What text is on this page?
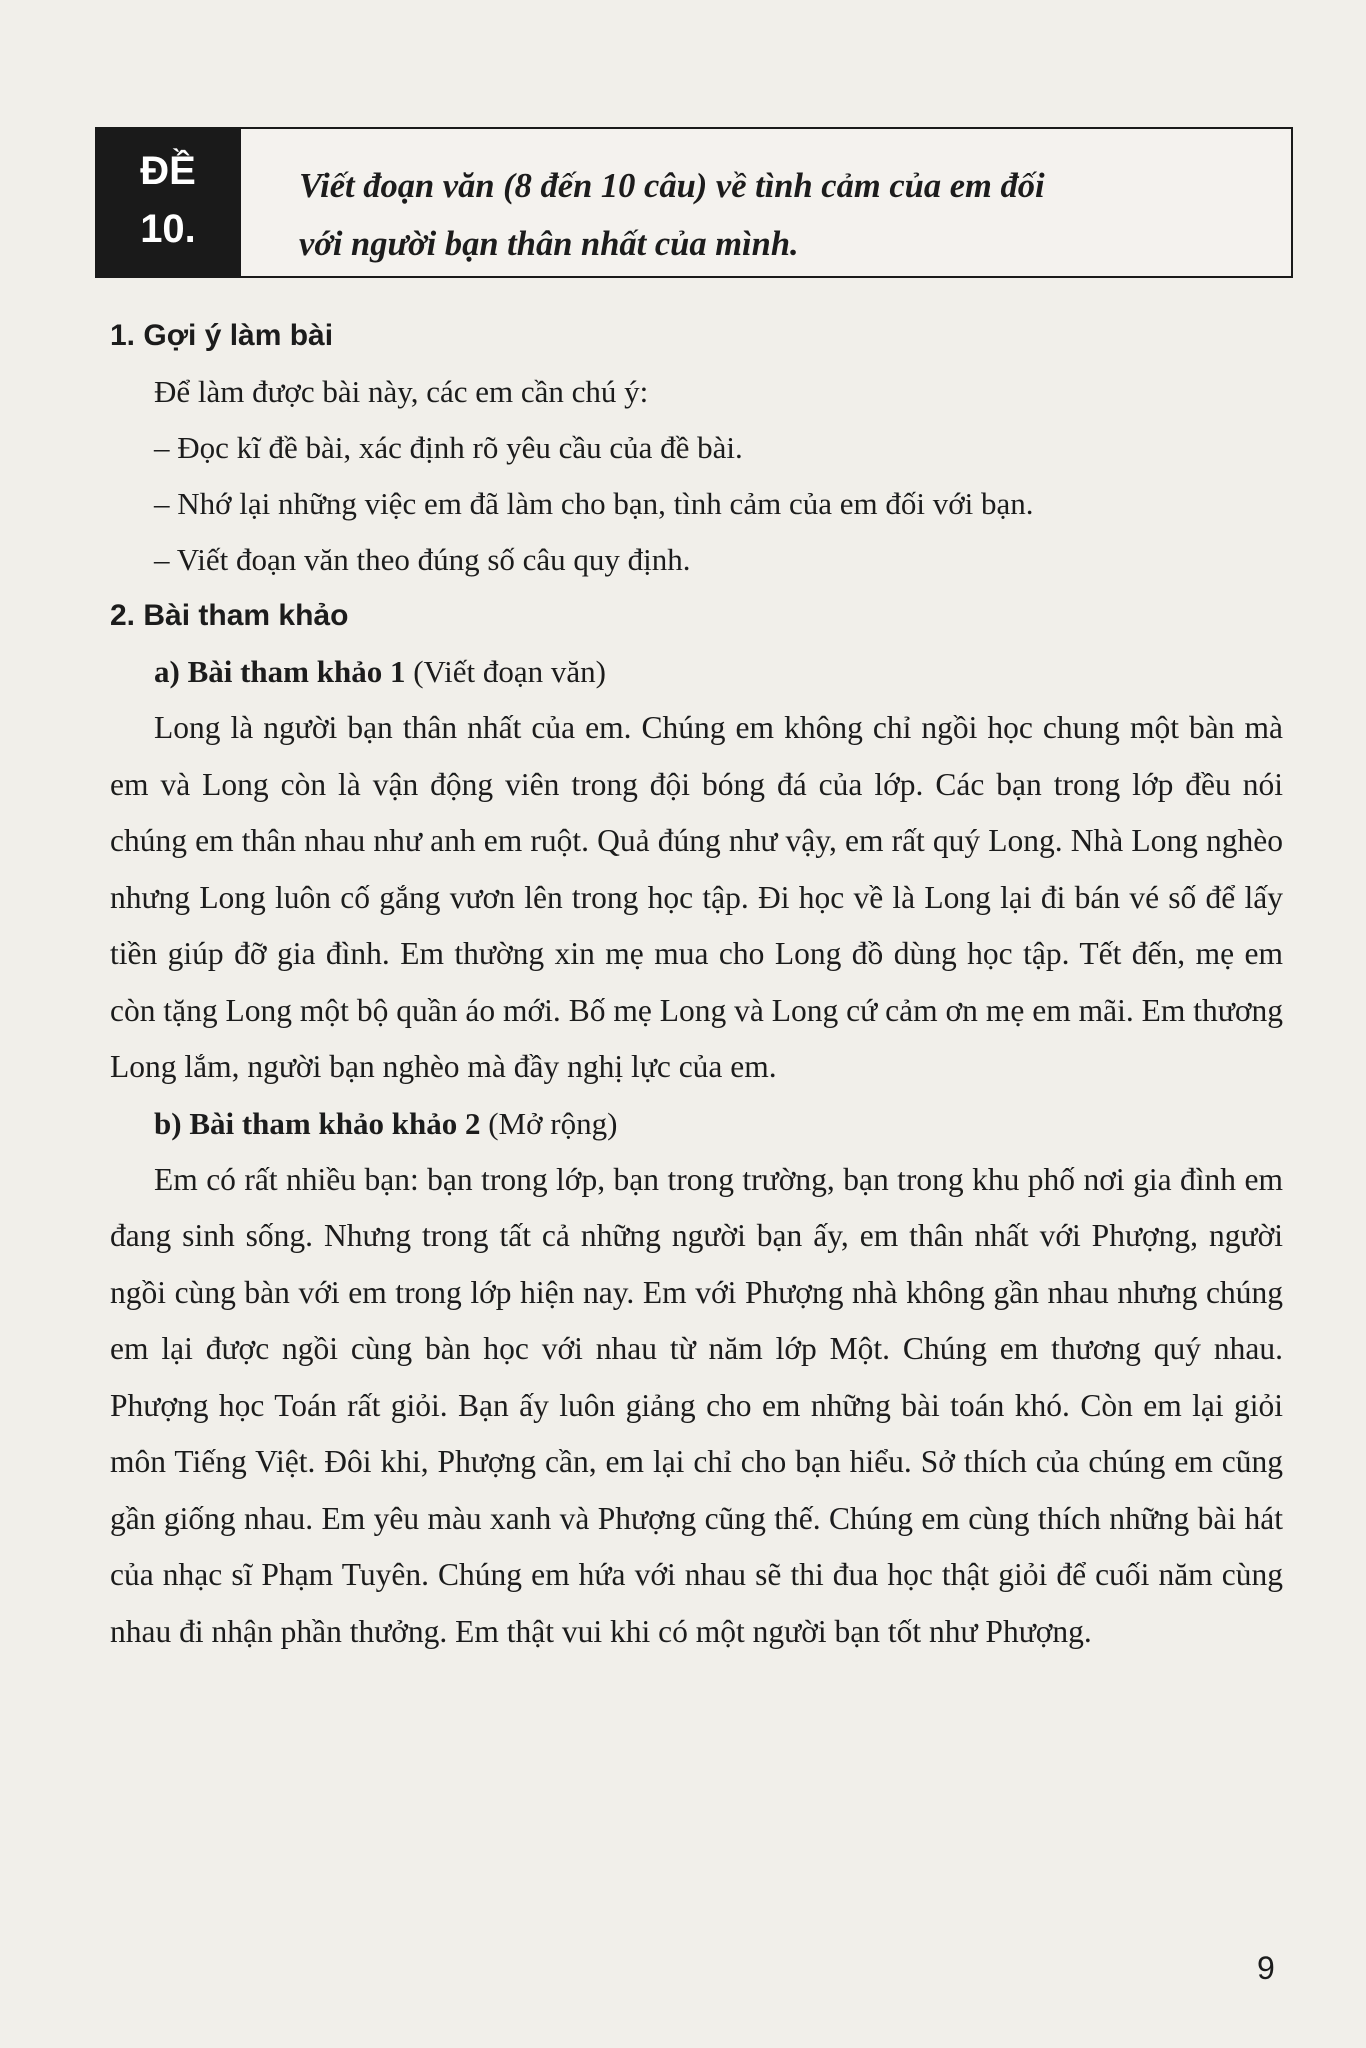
ĐỀ
10.
Viết đoạn văn (8 đến 10 câu) về tình cảm của em đối
với người bạn thân nhất của mình.
1. Gợi ý làm bài
Để làm được bài này, các em cần chú ý:
– Đọc kĩ đề bài, xác định rõ yêu cầu của đề bài.
– Nhớ lại những việc em đã làm cho bạn, tình cảm của em đối với bạn.
– Viết đoạn văn theo đúng số câu quy định.
2. Bài tham khảo
a) Bài tham khảo 1 (Viết đoạn văn)

Long là người bạn thân nhất của em. Chúng em không chỉ ngồi học chung một bàn mà em và Long còn là vận động viên trong đội bóng đá của lớp. Các bạn trong lớp đều nói chúng em thân nhau như anh em ruột. Quả đúng như vậy, em rất quý Long. Nhà Long nghèo nhưng Long luôn cố gắng vươn lên trong học tập. Đi học về là Long lại đi bán vé số để lấy tiền giúp đỡ gia đình. Em thường xin mẹ mua cho Long đồ dùng học tập. Tết đến, mẹ em còn tặng Long một bộ quần áo mới. Bố mẹ Long và Long cứ cảm ơn mẹ em mãi. Em thương Long lắm, người bạn nghèo mà đầy nghị lực của em.

b) Bài tham khảo khảo 2 (Mở rộng)

Em có rất nhiều bạn: bạn trong lớp, bạn trong trường, bạn trong khu phố nơi gia đình em đang sinh sống. Nhưng trong tất cả những người bạn ấy, em thân nhất với Phượng, người ngồi cùng bàn với em trong lớp hiện nay. Em với Phượng nhà không gần nhau nhưng chúng em lại được ngồi cùng bàn học với nhau từ năm lớp Một. Chúng em thương quý nhau. Phượng học Toán rất giỏi. Bạn ấy luôn giảng cho em những bài toán khó. Còn em lại giỏi môn Tiếng Việt. Đôi khi, Phượng cần, em lại chỉ cho bạn hiểu. Sở thích của chúng em cũng gần giống nhau. Em yêu màu xanh và Phượng cũng thế. Chúng em cùng thích những bài hát của nhạc sĩ Phạm Tuyên. Chúng em hứa với nhau sẽ thi đua học thật giỏi để cuối năm cùng nhau đi nhận phần thưởng. Em thật vui khi có một người bạn tốt như Phượng.

9
